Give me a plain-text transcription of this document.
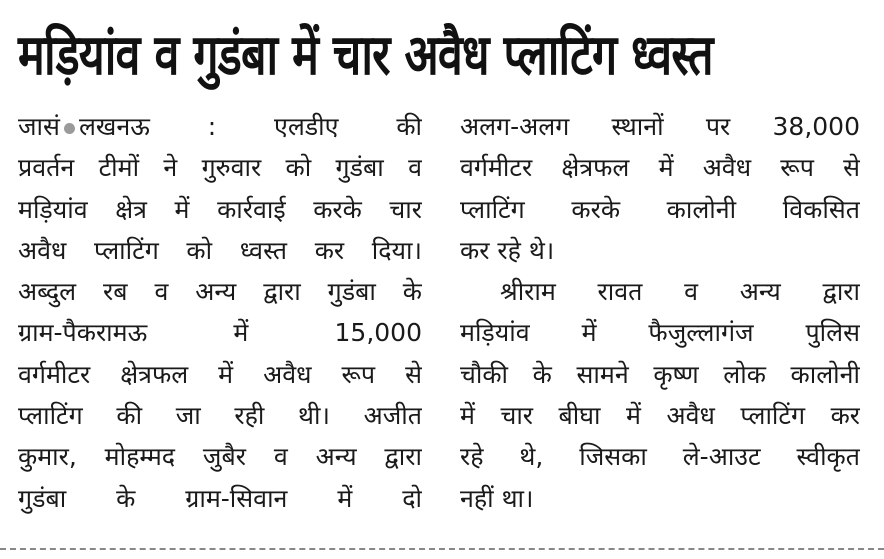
मड़ियांव व गुडंबा में चार अवैध प्लाटिंग ध्वस्त
जासं लखनऊ : एलडीए की
प्रवर्तन टीमों ने गुरुवार को गुडंबा व
मड़ियांव क्षेत्र में कार्रवाई करके चार
अवैध प्लाटिंग को ध्वस्त कर दिया।
अब्दुल रब व अन्य द्वारा गुडंबा के
ग्राम-पैकरामऊ में 15,000
वर्गमीटर क्षेत्रफल में अवैध रूप से
प्लाटिंग की जा रही थी। अजीत
कुमार, मोहम्मद जुबैर व अन्य द्वारा
गुडंबा के ग्राम-सिवान में दो
अलग-अलग स्थानों पर 38,000
वर्गमीटर क्षेत्रफल में अवैध रूप से
प्लाटिंग करके कालोनी विकसित
कर रहे थे।
श्रीराम रावत व अन्य द्वारा
मड़ियांव में फैजुल्लागंज पुलिस
चौकी के सामने कृष्ण लोक कालोनी
में चार बीघा में अवैध प्लाटिंग कर
रहे थे, जिसका ले-आउट स्वीकृत
नहीं था।
